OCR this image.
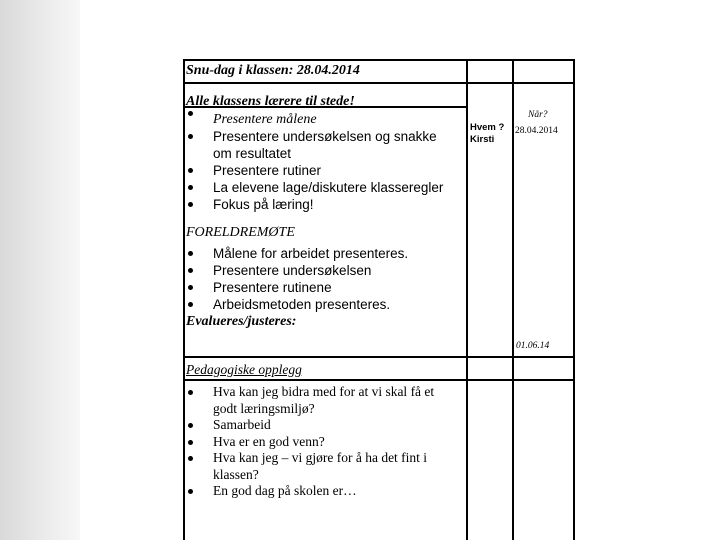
Snu-dag i klassen: 28.04.2014
Alle klassens lærere til stede!
Presentere målene
Presentere undersøkelsen og snakke om resultatet
Presentere rutiner
La elevene lage/diskutere klasseregler
Fokus på læring!
Hvem ?
Kirsti
Når?
28.04.2014
FORELDREMØTE
Målene for arbeidet presenteres.
Presentere undersøkelsen
Presentere rutinene
Arbeidsmetoden presenteres.
Evalueres/justeres:
01.06.14
Pedagogiske opplegg
Hva kan jeg bidra med for at vi skal få et godt læringsmiljø?
Samarbeid
Hva er en god venn?
Hva kan jeg – vi gjøre for å ha det fint i klassen?
En god dag på skolen er…
